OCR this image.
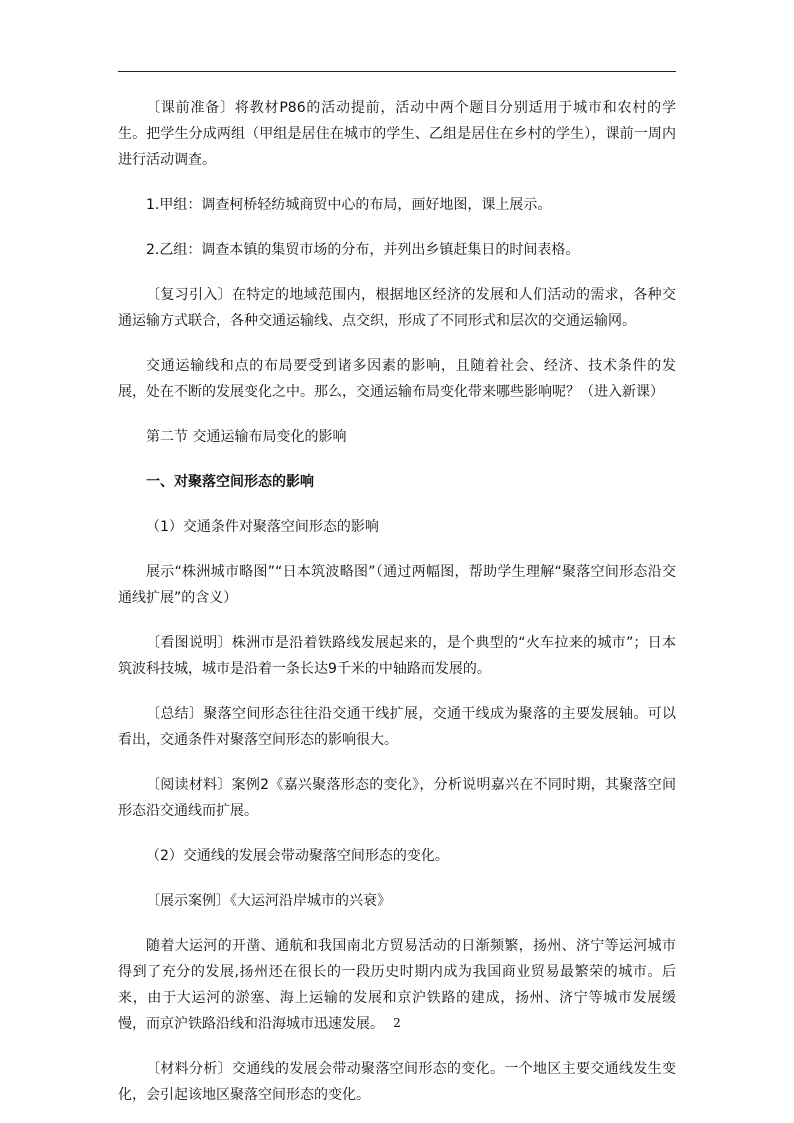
〔课前准备〕将教材P86的活动提前，活动中两个题目分别适用于城市和农村的学生。把学生分成两组（甲组是居住在城市的学生、乙组是居住在乡村的学生），课前一周内进行活动调查。

1.甲组：调查柯桥轻纺城商贸中心的布局，画好地图，课上展示。

2.乙组：调查本镇的集贸市场的分布，并列出乡镇赶集日的时间表格。

〔复习引入〕在特定的地域范围内，根据地区经济的发展和人们活动的需求，各种交通运输方式联合，各种交通运输线、点交织，形成了不同形式和层次的交通运输网。

交通运输线和点的布局要受到诸多因素的影响，且随着社会、经济、技术条件的发展，处在不断的发展变化之中。那么，交通运输布局变化带来哪些影响呢？（进入新课）

第二节 交通运输布局变化的影响

一、对聚落空间形态的影响

（1）交通条件对聚落空间形态的影响

展示“株洲城市略图”“日本筑波略图”（通过两幅图，帮助学生理解“聚落空间形态沿交通线扩展”的含义）

〔看图说明〕株洲市是沿着铁路线发展起来的，是个典型的“火车拉来的城市”；日本筑波科技城，城市是沿着一条长达9千米的中轴路而发展的。

〔总结〕聚落空间形态往往沿交通干线扩展，交通干线成为聚落的主要发展轴。可以看出，交通条件对聚落空间形态的影响很大。

〔阅读材料〕案例2《嘉兴聚落形态的变化》，分析说明嘉兴在不同时期，其聚落空间形态沿交通线而扩展。

（2）交通线的发展会带动聚落空间形态的变化。

〔展示案例〕《大运河沿岸城市的兴衰》

随着大运河的开凿、通航和我国南北方贸易活动的日渐频繁，扬州、济宁等运河城市得到了充分的发展,扬州还在很长的一段历史时期内成为我国商业贸易最繁荣的城市。后来，由于大运河的淤塞、海上运输的发展和京沪铁路的建成，扬州、济宁等城市发展缓慢，而京沪铁路沿线和沿海城市迅速发展。

〔材料分析〕交通线的发展会带动聚落空间形态的变化。一个地区主要交通线发生变化，会引起该地区聚落空间形态的变化。

2
